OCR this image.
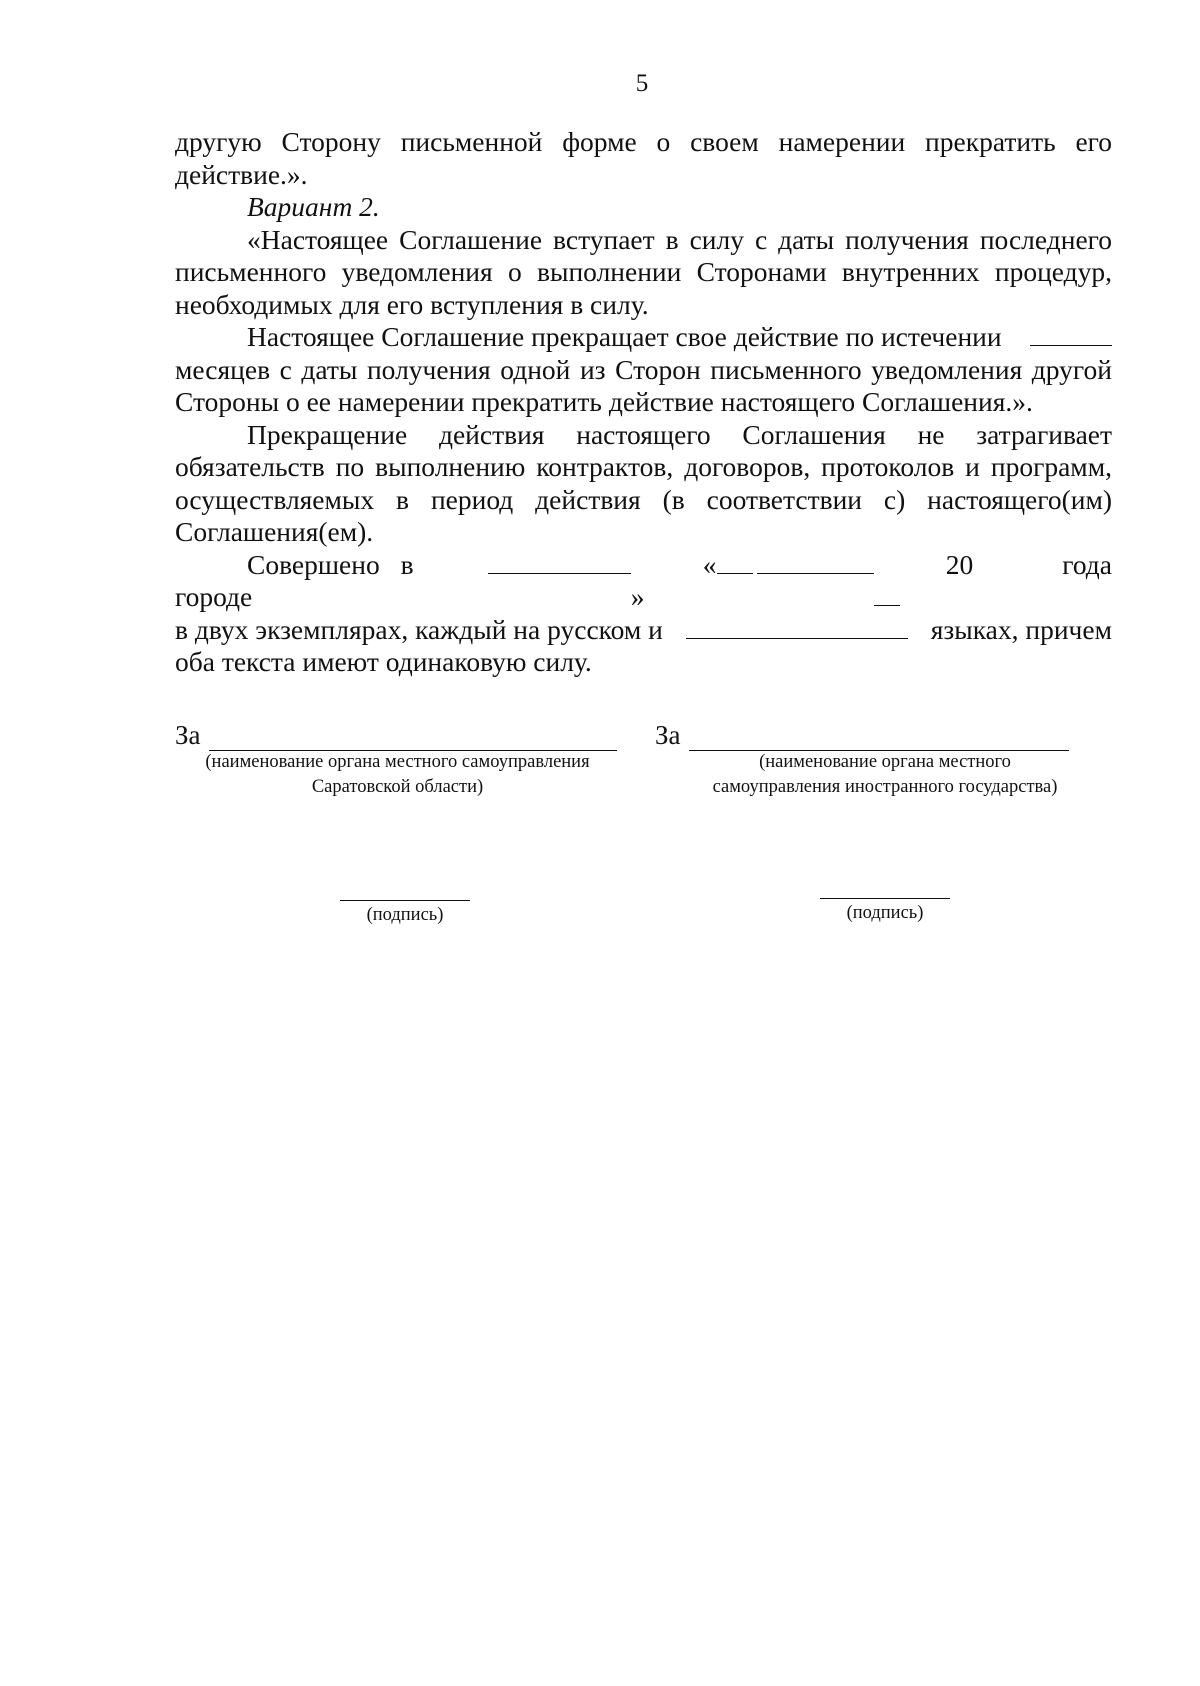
5

другую Сторону письменной форме о своем намерении прекратить его

действие.».

Вариант 2.

«Настоящее Соглашение вступает в силу с даты получения последнего

письменного уведомления о выполнении Сторонами внутренних процедур,

необходимых для его вступления в силу.

Настоящее Соглашение прекращает свое действие по истечении

месяцев с даты получения одной из Сторон письменного уведомления другой

Стороны о ее намерении прекратить действие настоящего Соглашения.».

Прекращение действия настоящего Соглашения не затрагивает

обязательств по выполнению контрактов, договоров, протоколов и программ,

осуществляемых в период действия (в соответствии с) настоящего(им)

Соглашения(ем).

Совершено в городе
«»
20	года

в двух экземплярах, каждый на русском и	языках, причем

оба текста имеют одинаковую силу.

За
(наименование органа местного самоуправления
Саратовской области)
За
(наименование органа местного
самоуправления иностранного государства)
(подпись)	(подпись)
